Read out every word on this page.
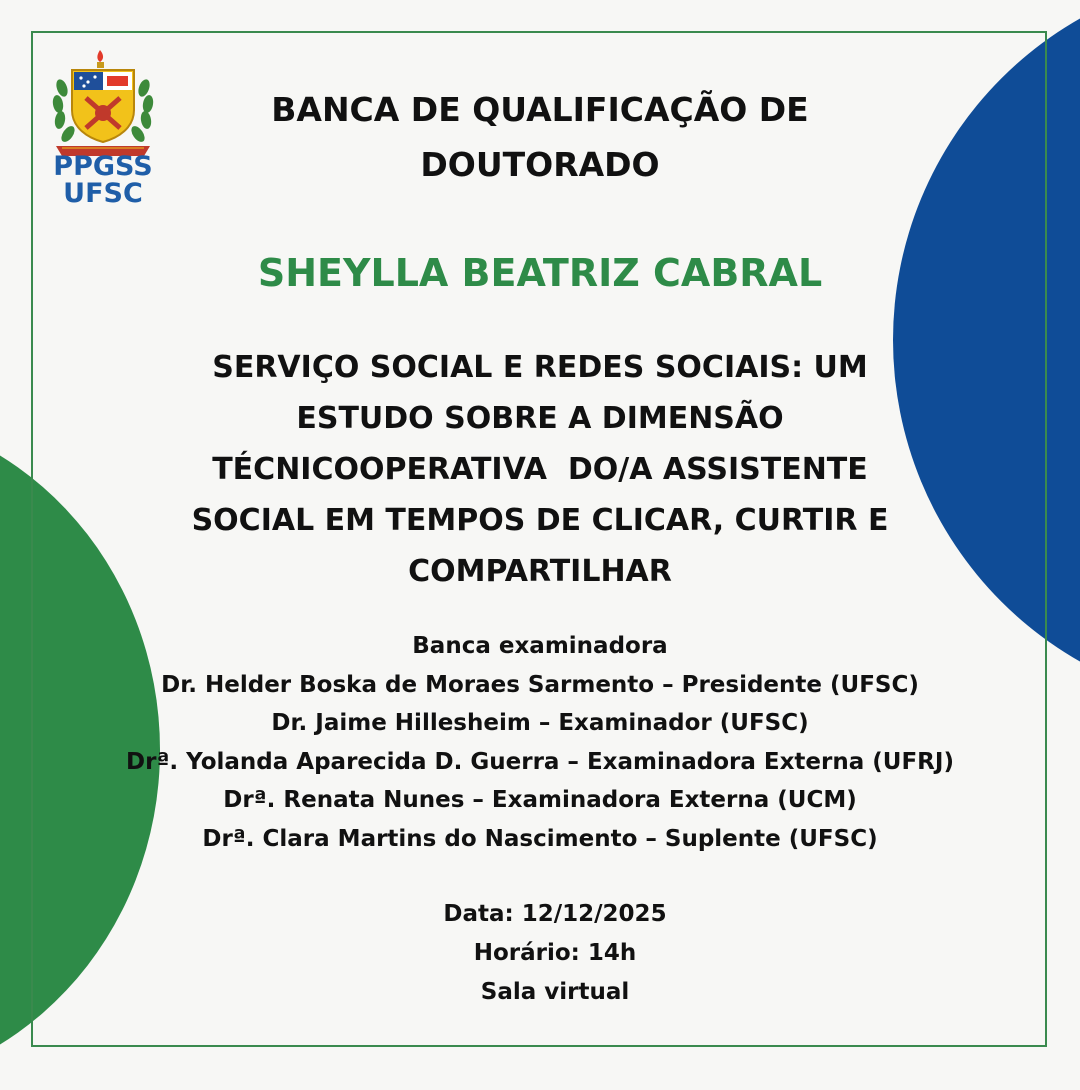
PPGSS
UFSC
BANCA DE QUALIFICAÇÃO DE
DOUTORADO
SHEYLLA BEATRIZ CABRAL
SERVIÇO SOCIAL E REDES SOCIAIS: UM
ESTUDO SOBRE A DIMENSÃO
TÉCNICOOPERATIVA  DO/A ASSISTENTE
SOCIAL EM TEMPOS DE CLICAR, CURTIR E
COMPARTILHAR
Banca examinadora
Dr. Helder Boska de Moraes Sarmento – Presidente (UFSC)
Dr. Jaime Hillesheim – Examinador (UFSC)
Drª. Yolanda Aparecida D. Guerra – Examinadora Externa (UFRJ)
Drª. Renata Nunes – Examinadora Externa (UCM)
Drª. Clara Martins do Nascimento – Suplente (UFSC)
Data: 12/12/2025
Horário: 14h
Sala virtual
